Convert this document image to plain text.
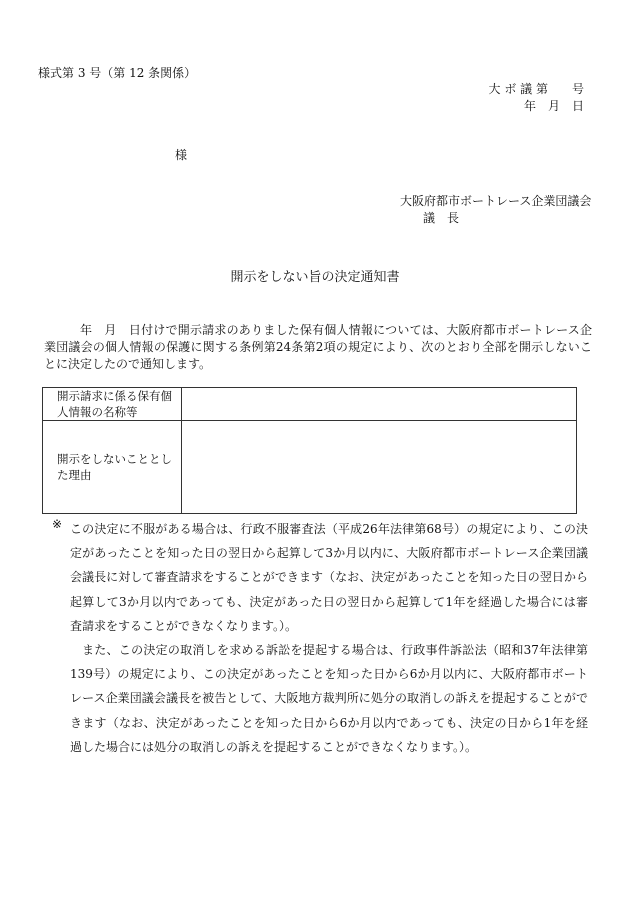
様式第 3 号（第 12 条関係）
大 ボ 議 第　　号
年　月　日
様
大阪府都市ボートレース企業団議会
議　長
開示をしない旨の決定通知書
年　月　日付けで開示請求のありました保有個人情報については、大阪府都市ボートレース企業団議会の個人情報の保護に関する条例第24条第2項の規定により、次のとおり全部を開示しないことに決定したので通知します。
開示請求に係る保有個人情報の名称等	
開示をしないこととした理由	
※ この決定に不服がある場合は、行政不服審査法（平成26年法律第68号）の規定により、この決定があったことを知った日の翌日から起算して3か月以内に、大阪府都市ボートレース企業団議会議長に対して審査請求をすることができます（なお、決定があったことを知った日の翌日から起算して3か月以内であっても、決定があった日の翌日から起算して1年を経過した場合には審査請求をすることができなくなります。）。

また、この決定の取消しを求める訴訟を提起する場合は、行政事件訴訟法（昭和37年法律第139号）の規定により、この決定があったことを知った日から6か月以内に、大阪府都市ボートレース企業団議会議長を被告として、大阪地方裁判所に処分の取消しの訴えを提起することができます（なお、決定があったことを知った日から6か月以内であっても、決定の日から1年を経過した場合には処分の取消しの訴えを提起することができなくなります。）。
